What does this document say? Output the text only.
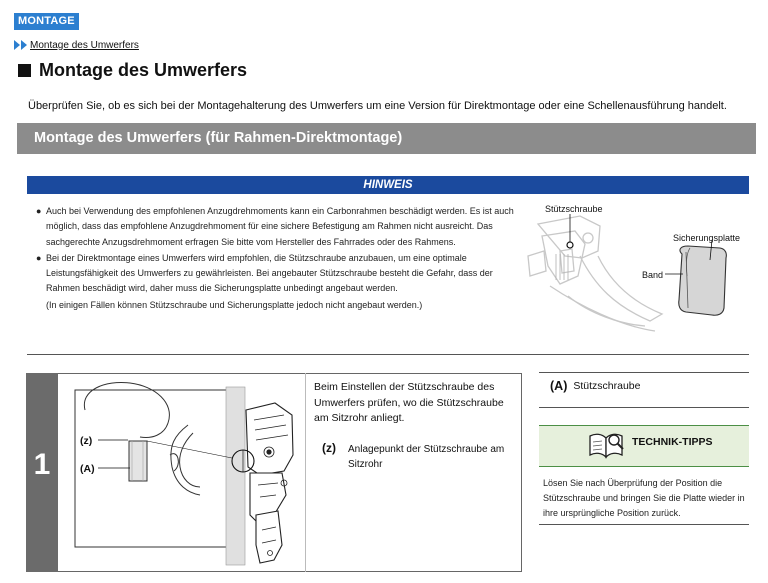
MONTAGE
Montage des Umwerfers
Montage des Umwerfers
Überprüfen Sie, ob es sich bei der Montagehalterung des Umwerfers um eine Version für Direktmontage oder eine Schellenausführung handelt.
Montage des Umwerfers (für Rahmen-Direktmontage)
HINWEIS
● Auch bei Verwendung des empfohlenen Anzugdrehmoments kann ein Carbonrahmen beschädigt werden. Es ist auch möglich, dass das empfohlene Anzugdrehmoment für eine sichere Befestigung am Rahmen nicht ausreicht. Das sachgerechte Anzugsdrehmoment erfragen Sie bitte vom Hersteller des Fahrrades oder des Rahmens.
● Bei der Direktmontage eines Umwerfers wird empfohlen, die Stützschraube anzubauen, um eine optimale Leistungsfähigkeit des Umwerfers zu gewährleisten. Bei angebauter Stützschraube besteht die Gefahr, dass der Rahmen beschädigt wird, daher muss die Sicherungsplatte unbedingt angebaut werden.
(In einigen Fällen können Stützschraube und Sicherungsplatte jedoch nicht angebaut werden.)
Stützschraube
Sicherungsplatte
Band
1
(z)
(A)
Beim Einstellen der Stützschraube des Umwerfers prüfen, wo die Stützschraube am Sitzrohr anliegt.
(z)	Anlagepunkt der Stützschraube am Sitzrohr
(A) Stützschraube
TECHNIK-TIPPS
Lösen Sie nach Überprüfung der Position die Stützschraube und bringen Sie die Platte wieder in ihre ursprüngliche Position zurück.
